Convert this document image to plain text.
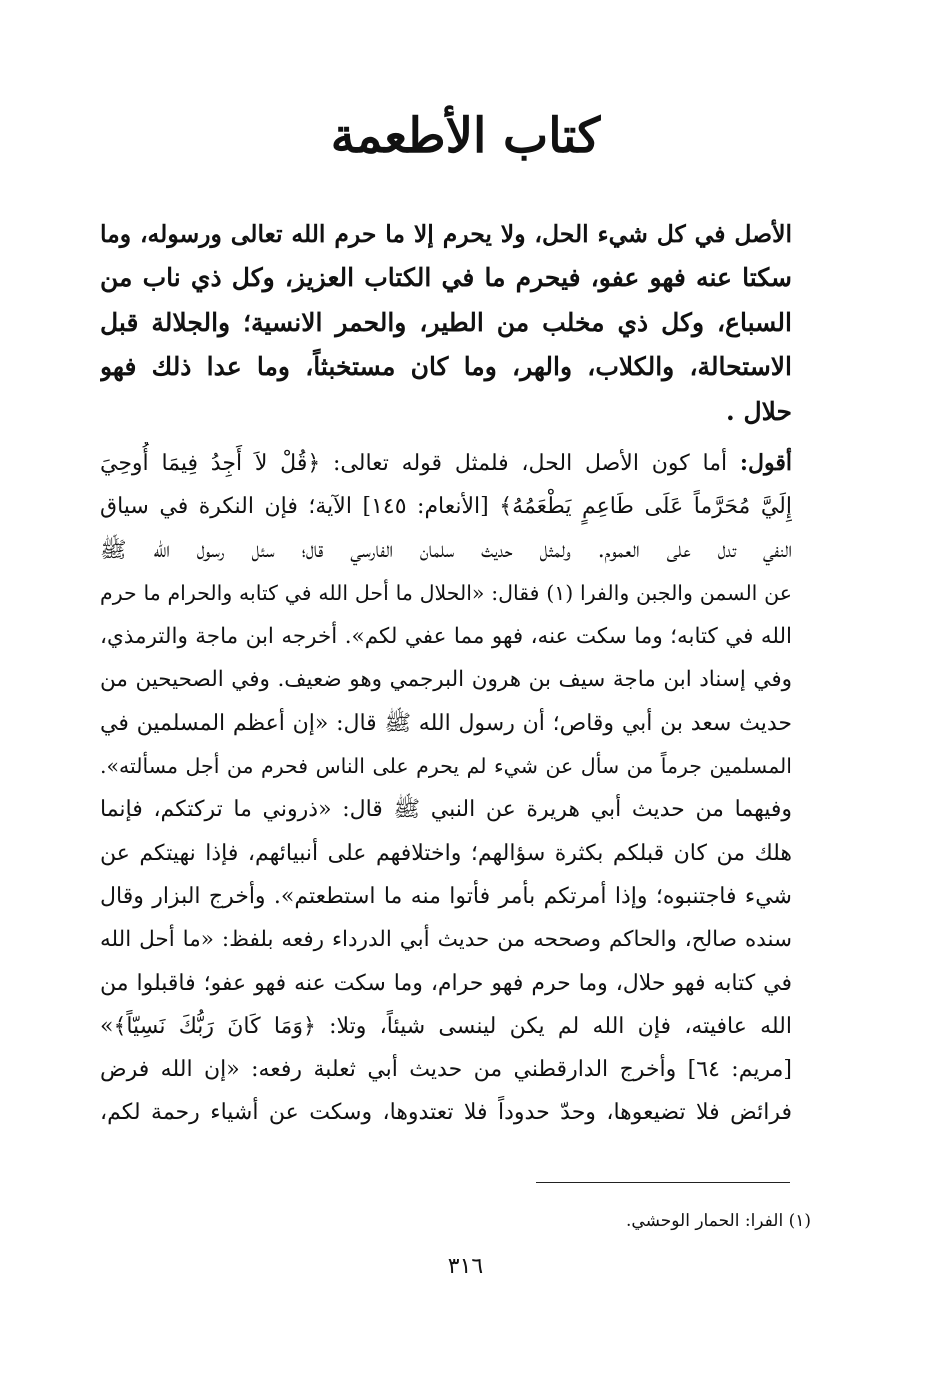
كتاب الأطعمة
الأصل في كل شيء الحل، ولا يحرم إلا ما حرم الله تعالى ورسوله، وما
سكتا عنه فهو عفو، فيحرم ما في الكتاب العزيز، وكل ذي ناب من
السباع، وكل ذي مخلب من الطير، والحمر الانسية؛ والجلالة قبل
الاستحالة، والكلاب، والهر، وما كان مستخبثاً، وما عدا ذلك فهو
حلال .
أقول: أما كون الأصل الحل، فلمثل قوله تعالى: ﴿قُلْ لاَ أَجِدُ فِيمَا أُوحِيَ
إِلَيَّ مُحَرَّماً عَلَى طَاعِمٍ يَطْعَمُهُ﴾ [الأنعام: ١٤٥] الآية؛ فإن النكرة في سياق
النفي تدل على العموم. ولمثل حديث سلمان الفارسي قال؛ سئل رسول الله ﷺ
عن السمن والجبن والفرا (١) فقال: «الحلال ما أحل الله في كتابه والحرام ما حرم
الله في كتابه؛ وما سكت عنه، فهو مما عفي لكم». أخرجه ابن ماجة والترمذي،
وفي إسناد ابن ماجة سيف بن هرون البرجمي وهو ضعيف. وفي الصحيحين من
حديث سعد بن أبي وقاص؛ أن رسول الله ﷺ قال: «إن أعظم المسلمين في
المسلمين جرماً من سأل عن شيء لم يحرم على الناس فحرم من أجل مسألته».
وفيهما من حديث أبي هريرة عن النبي ﷺ قال: «ذروني ما تركتكم، فإنما
هلك من كان قبلكم بكثرة سؤالهم؛ واختلافهم على أنبيائهم، فإذا نهيتكم عن
شيء فاجتنبوه؛ وإذا أمرتكم بأمر فأتوا منه ما استطعتم». وأخرج البزار وقال
سنده صالح، والحاكم وصححه من حديث أبي الدرداء رفعه بلفظ: «ما أحل الله
في كتابه فهو حلال، وما حرم فهو حرام، وما سكت عنه فهو عفو؛ فاقبلوا من
الله عافيته، فإن الله لم يكن لينسى شيئاً، وتلا: ﴿وَمَا كَانَ رَبُّكَ نَسِيّاً﴾»
[مريم: ٦٤] وأخرج الدارقطني من حديث أبي ثعلبة رفعه: «إن الله فرض
فرائض فلا تضيعوها، وحدّ حدوداً فلا تعتدوها، وسكت عن أشياء رحمة لكم،
(١) الفرا: الحمار الوحشي.
٣١٦
